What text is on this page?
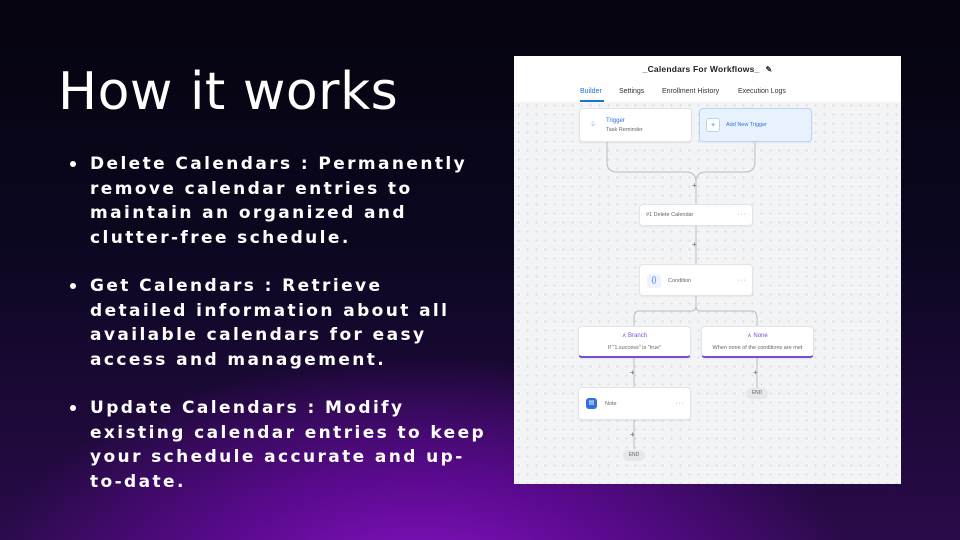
How it works
Delete Calendars : Permanently remove calendar entries to maintain an organized and clutter-free schedule.
Get Calendars : Retrieve detailed information about all available calendars for easy access and management.
Update Calendars : Modify existing calendar entries to keep your schedule accurate and up-to-date.
_Calendars For Workflows_ ✎
Builder Settings	Enrollment History	Execution Logs
+
+
+	+
+
♧	Trigger
Task Reminder
+	Add New Trigger
#1 Delete Calendar	···
{}	Condition	···
⋏ Branch
If "1.success" is "true"
⋏ None
When none of the conditions are met
END
▤	Note	···
END
